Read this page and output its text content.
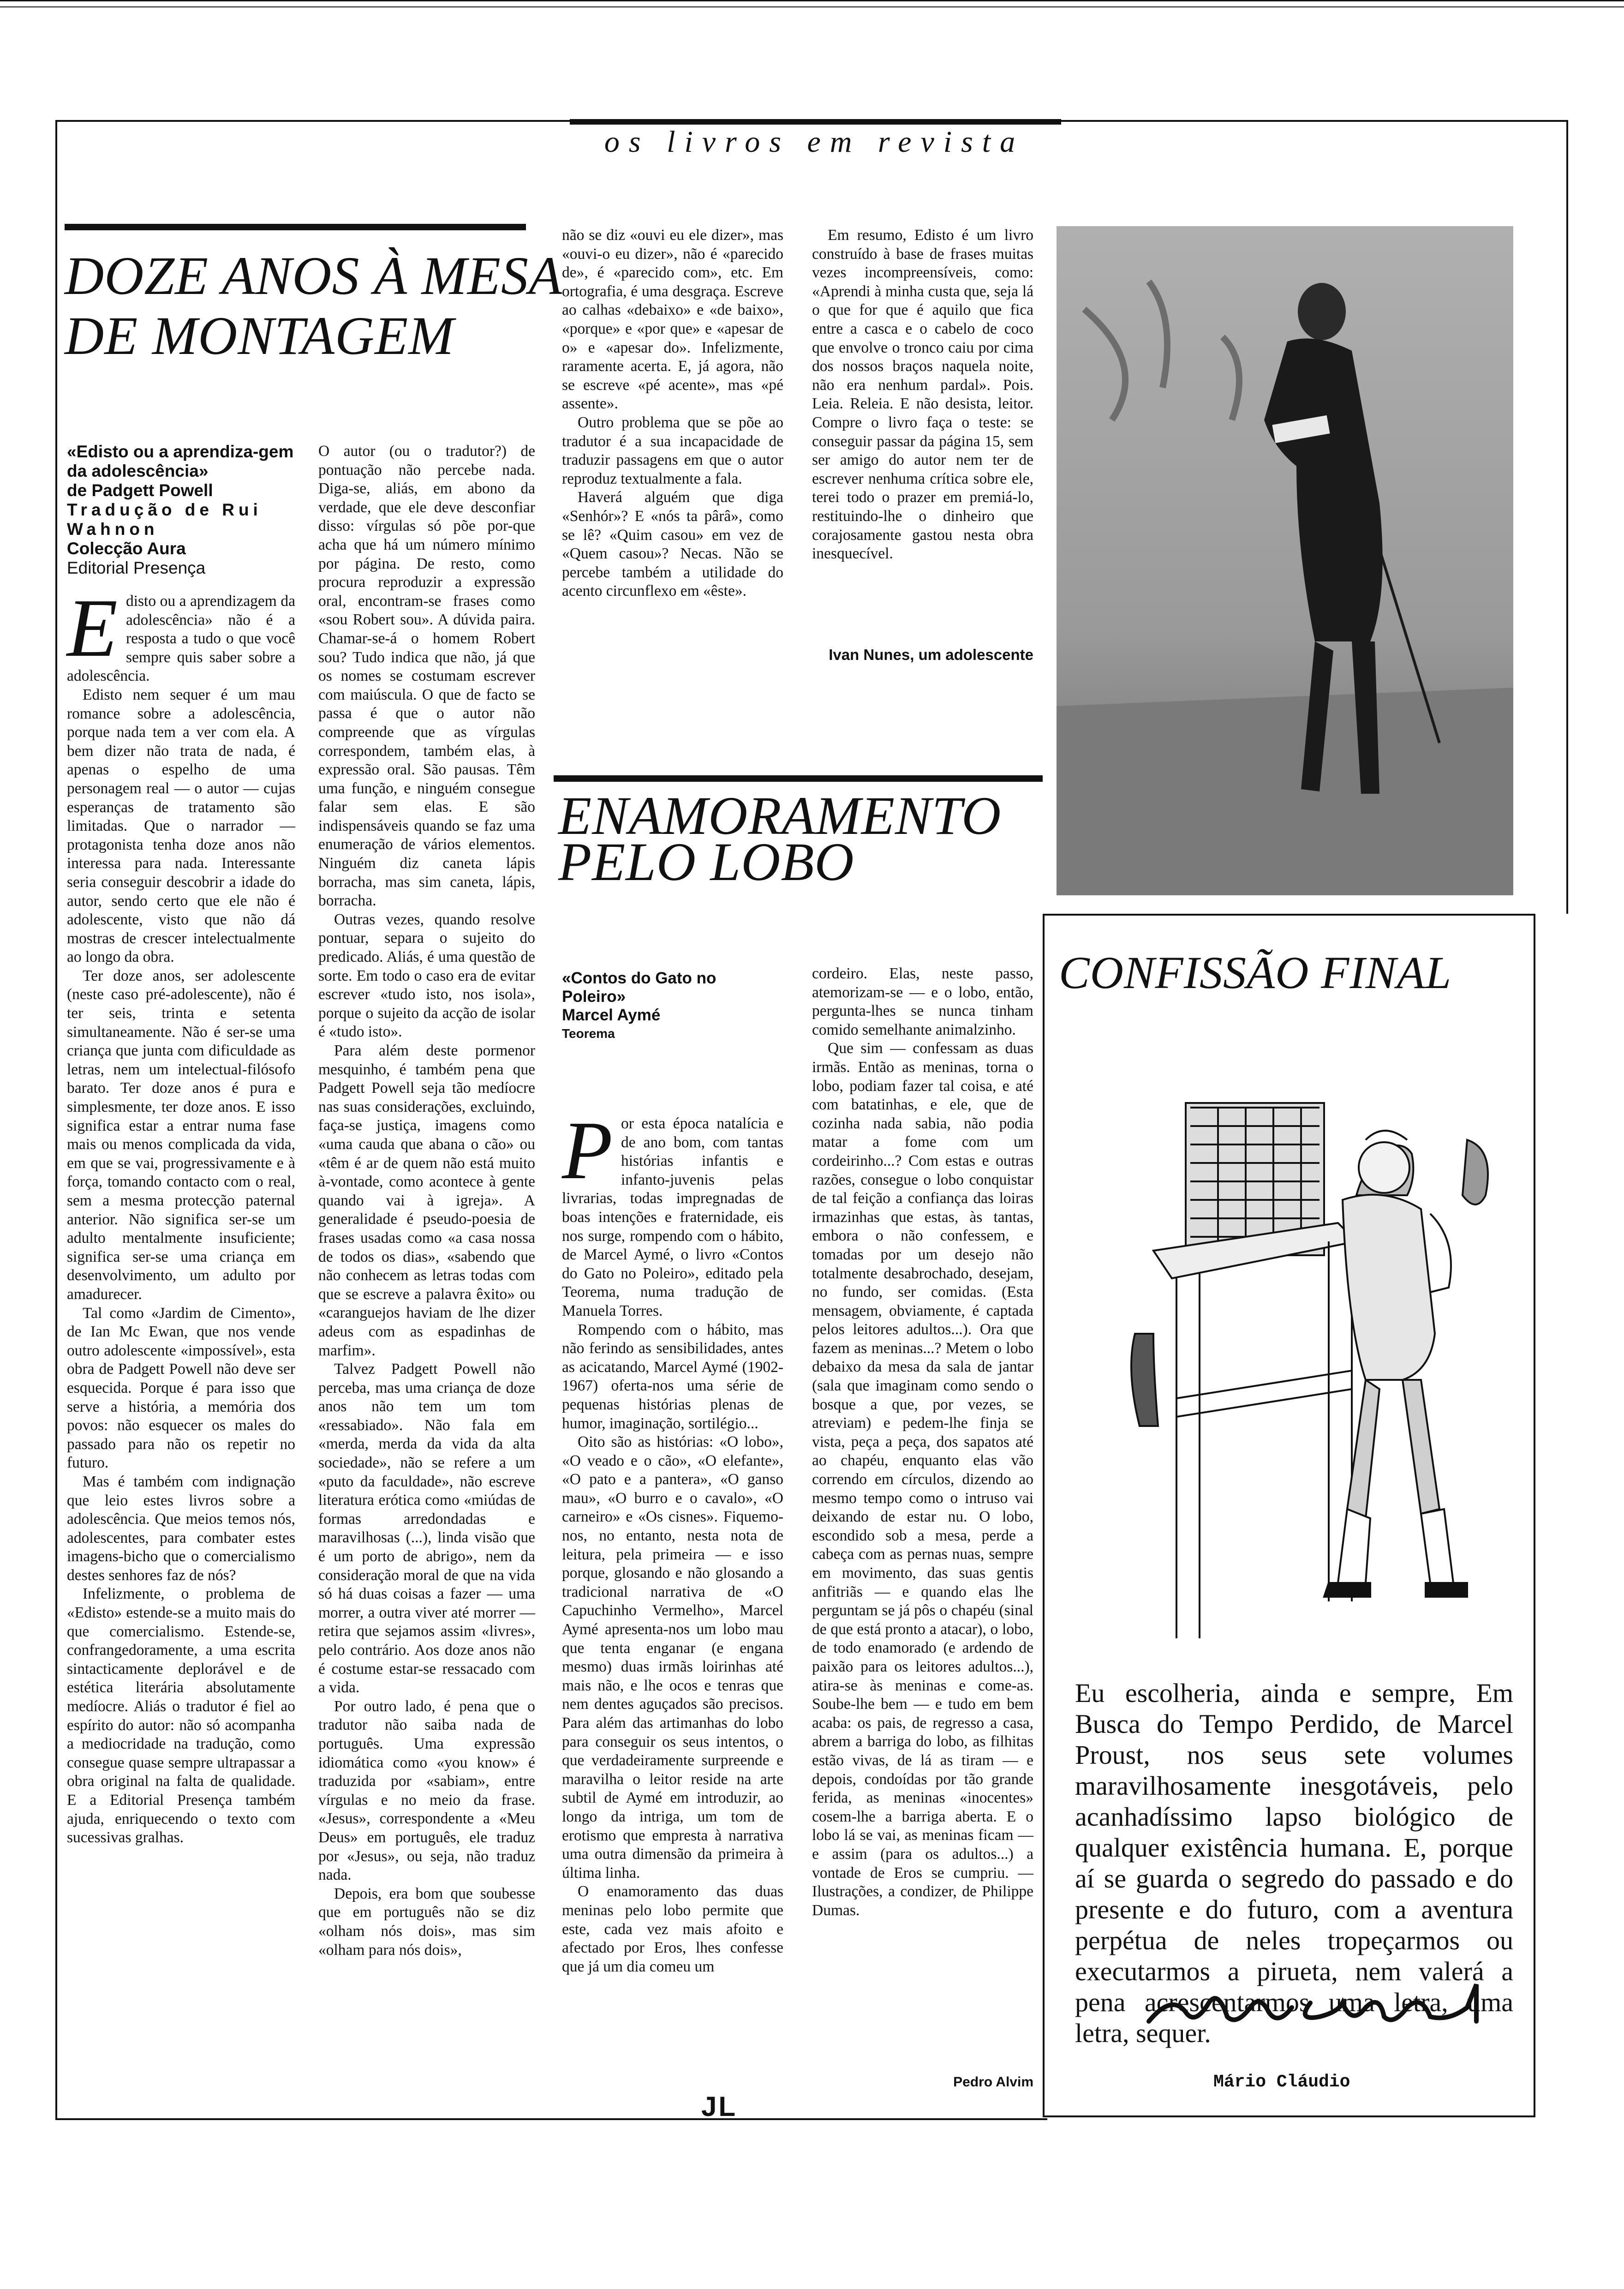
os livros em revista
DOZE ANOS À MESA
DE MONTAGEM
«Edisto ou a aprendiza-gem da adolescência»
de Padgett Powell
Tradução de Rui Wahnon
Colecção Aura
Editorial Presença

Edisto ou a aprendizagem da adolescência» não é a resposta a tudo o que você sempre quis saber sobre a adolescência.

Edisto nem sequer é um mau romance sobre a adolescência, porque nada tem a ver com ela. A bem dizer não trata de nada, é apenas o espelho de uma personagem real — o autor — cujas esperanças de tratamento são limitadas. Que o narrador — protagonista tenha doze anos não interessa para nada. Interessante seria conseguir descobrir a idade do autor, sendo certo que ele não é adolescente, visto que não dá mostras de crescer intelectualmente ao longo da obra.

Ter doze anos, ser adolescente (neste caso pré-adolescente), não é ter seis, trinta e setenta simultaneamente. Não é ser-se uma criança que junta com dificuldade as letras, nem um intelectual-filósofo barato. Ter doze anos é pura e simplesmente, ter doze anos. E isso significa estar a entrar numa fase mais ou menos complicada da vida, em que se vai, progressivamente e à força, tomando contacto com o real, sem a mesma protecção paternal anterior. Não significa ser-se um adulto mentalmente insuficiente; significa ser-se uma criança em desenvolvimento, um adulto por amadurecer.

Tal como «Jardim de Cimento», de Ian Mc Ewan, que nos vende outro adolescente «impossível», esta obra de Padgett Powell não deve ser esquecida. Porque é para isso que serve a história, a memória dos povos: não esquecer os males do passado para não os repetir no futuro.

Mas é também com indignação que leio estes livros sobre a adolescência. Que meios temos nós, adolescentes, para combater estes imagens-bicho que o comercialismo destes senhores faz de nós?

Infelizmente, o problema de «Edisto» estende-se a muito mais do que comercialismo. Estende-se, confrangedoramente, a uma escrita sintacticamente deplorável e de estética literária absolutamente medíocre. Aliás o tradutor é fiel ao espírito do autor: não só acompanha a mediocridade na tradução, como consegue quase sempre ultrapassar a obra original na falta de qualidade. E a Editorial Presença também ajuda, enriquecendo o texto com sucessivas gralhas.

O autor (ou o tradutor?) de pontuação não percebe nada. Diga-se, aliás, em abono da verdade, que ele deve desconfiar disso: vírgulas só põe por-que acha que há um número mínimo por página. De resto, como procura reproduzir a expressão oral, encontram-se frases como «sou Robert sou». A dúvida paira. Chamar-se-á o homem Robert sou? Tudo indica que não, já que os nomes se costumam escrever com maiúscula. O que de facto se passa é que o autor não compreende que as vírgulas correspondem, também elas, à expressão oral. São pausas. Têm uma função, e ninguém consegue falar sem elas. E são indispensáveis quando se faz uma enumeração de vários elementos. Ninguém diz caneta lápis borracha, mas sim caneta, lápis, borracha.

Outras vezes, quando resolve pontuar, separa o sujeito do predicado. Aliás, é uma questão de sorte. Em todo o caso era de evitar escrever «tudo isto, nos isola», porque o sujeito da acção de isolar é «tudo isto».

Para além deste pormenor mesquinho, é também pena que Padgett Powell seja tão medíocre nas suas considerações, excluindo, faça-se justiça, imagens como «uma cauda que abana o cão» ou «têm é ar de quem não está muito à-vontade, como acontece à gente quando vai à igreja». A generalidade é pseudo-poesia de frases usadas como «a casa nossa de todos os dias», «sabendo que não conhecem as letras todas com que se escreve a palavra êxito» ou «caranguejos haviam de lhe dizer adeus com as espadinhas de marfim».

Talvez Padgett Powell não perceba, mas uma criança de doze anos não tem um tom «ressabiado». Não fala em «merda, merda da vida da alta sociedade», não se refere a um «puto da faculdade», não escreve literatura erótica como «miúdas de formas arredondadas e maravilhosas (...), linda visão que é um porto de abrigo», nem da consideração moral de que na vida só há duas coisas a fazer — uma morrer, a outra viver até morrer — retira que sejamos assim «livres», pelo contrário. Aos doze anos não é costume estar-se ressacado com a vida.

Por outro lado, é pena que o tradutor não saiba nada de português. Uma expressão idiomática como «you know» é traduzida por «sabiam», entre vírgulas e no meio da frase. «Jesus», correspondente a «Meu Deus» em português, ele traduz por «Jesus», ou seja, não traduz nada.

Depois, era bom que soubesse que em português não se diz «olham nós dois», mas sim «olham para nós dois»,

não se diz «ouvi eu ele dizer», mas «ouvi-o eu dizer», não é «parecido de», é «parecido com», etc. Em ortografia, é uma desgraça. Escreve ao calhas «debaixo» e «de baixo», «porque» e «por que» e «apesar de o» e «apesar do». Infelizmente, raramente acerta. E, já agora, não se escreve «pé acente», mas «pé assente».

Outro problema que se põe ao tradutor é a sua incapacidade de traduzir passagens em que o autor reproduz textualmente a fala.

Haverá alguém que diga «Senhór»? E «nós ta pârâ», como se lê? «Quim casou» em vez de «Quem casou»? Necas. Não se percebe também a utilidade do acento circunflexo em «êste».

Em resumo, Edisto é um livro construído à base de frases muitas vezes incompreensíveis, como: «Aprendi à minha custa que, seja lá o que for que é aquilo que fica entre a casca e o cabelo de coco que envolve o tronco caiu por cima dos nossos braços naquela noite, não era nenhum pardal». Pois. Leia. Releia. E não desista, leitor. Compre o livro faça o teste: se conseguir passar da página 15, sem ser amigo do autor nem ter de escrever nenhuma crítica sobre ele, terei todo o prazer em premiá-lo, restituindo-lhe o dinheiro que corajosamente gastou nesta obra inesquecível.

Ivan Nunes, um adolescente
ENAMORAMENTO
PELO LOBO
«Contos do Gato no Poleiro»
Marcel Aymé
Teorema

Por esta época natalícia e de ano bom, com tantas histórias infantis e infanto-juvenis pelas livrarias, todas impregnadas de boas intenções e fraternidade, eis nos surge, rompendo com o hábito, de Marcel Aymé, o livro «Contos do Gato no Poleiro», editado pela Teorema, numa tradução de Manuela Torres.

Rompendo com o hábito, mas não ferindo as sensibilidades, antes as acicatando, Marcel Aymé (1902-1967) oferta-nos uma série de pequenas histórias plenas de humor, imaginação, sortilégio...

Oito são as histórias: «O lobo», «O veado e o cão», «O elefante», «O pato e a pantera», «O ganso mau», «O burro e o cavalo», «O carneiro» e «Os cisnes». Fiquemo-nos, no entanto, nesta nota de leitura, pela primeira — e isso porque, glosando e não glosando a tradicional narrativa de «O Capuchinho Vermelho», Marcel Aymé apresenta-nos um lobo mau que tenta enganar (e engana mesmo) duas irmãs loirinhas até mais não, e lhe ocos e tenras que nem dentes aguçados são precisos. Para além das artimanhas do lobo para conseguir os seus intentos, o que verdadeiramente surpreende e maravilha o leitor reside na arte subtil de Aymé em introduzir, ao longo da intriga, um tom de erotismo que empresta à narrativa uma outra dimensão da primeira à última linha.

O enamoramento das duas meninas pelo lobo permite que este, cada vez mais afoito e afectado por Eros, lhes confesse que já um dia comeu um

cordeiro. Elas, neste passo, atemorizam-se — e o lobo, então, pergunta-lhes se nunca tinham comido semelhante animalzinho.

Que sim — confessam as duas irmãs. Então as meninas, torna o lobo, podiam fazer tal coisa, e até com batatinhas, e ele, que de cozinha nada sabia, não podia matar a fome com um cordeirinho...? Com estas e outras razões, consegue o lobo conquistar de tal feição a confiança das loiras irmazinhas que estas, às tantas, embora o não confessem, e tomadas por um desejo não totalmente desabrochado, desejam, no fundo, ser comidas. (Esta mensagem, obviamente, é captada pelos leitores adultos...). Ora que fazem as meninas...? Metem o lobo debaixo da mesa da sala de jantar (sala que imaginam como sendo o bosque a que, por vezes, se atreviam) e pedem-lhe finja se vista, peça a peça, dos sapatos até ao chapéu, enquanto elas vão correndo em círculos, dizendo ao mesmo tempo como o intruso vai deixando de estar nu. O lobo, escondido sob a mesa, perde a cabeça com as pernas nuas, sempre em movimento, das suas gentis anfitriãs — e quando elas lhe perguntam se já pôs o chapéu (sinal de que está pronto a atacar), o lobo, de todo enamorado (e ardendo de paixão para os leitores adultos...), atira-se às meninas e come-as. Soube-lhe bem — e tudo em bem acaba: os pais, de regresso a casa, abrem a barriga do lobo, as filhitas estão vivas, de lá as tiram — e depois, condoídas por tão grande ferida, as meninas «inocentes» cosem-lhe a barriga aberta. E o lobo lá se vai, as meninas ficam — e assim (para os adultos...) a vontade de Eros se cumpriu. — Ilustrações, a condizer, de Philippe Dumas.

Pedro Alvim
CONFISSÃO FINAL
Eu escolheria, ainda e sempre, Em Busca do Tempo Perdido, de Marcel Proust, nos seus sete volumes maravilhosamente inesgotáveis, pelo acanhadíssimo lapso biológico de qualquer existência humana. E, porque aí se guarda o segredo do passado e do presente e do futuro, com a aventura perpétua de neles tropeçarmos ou executarmos a pirueta, nem valerá a pena acrescentarmos uma letra, uma letra, sequer.
Mário Cláudio
JL
